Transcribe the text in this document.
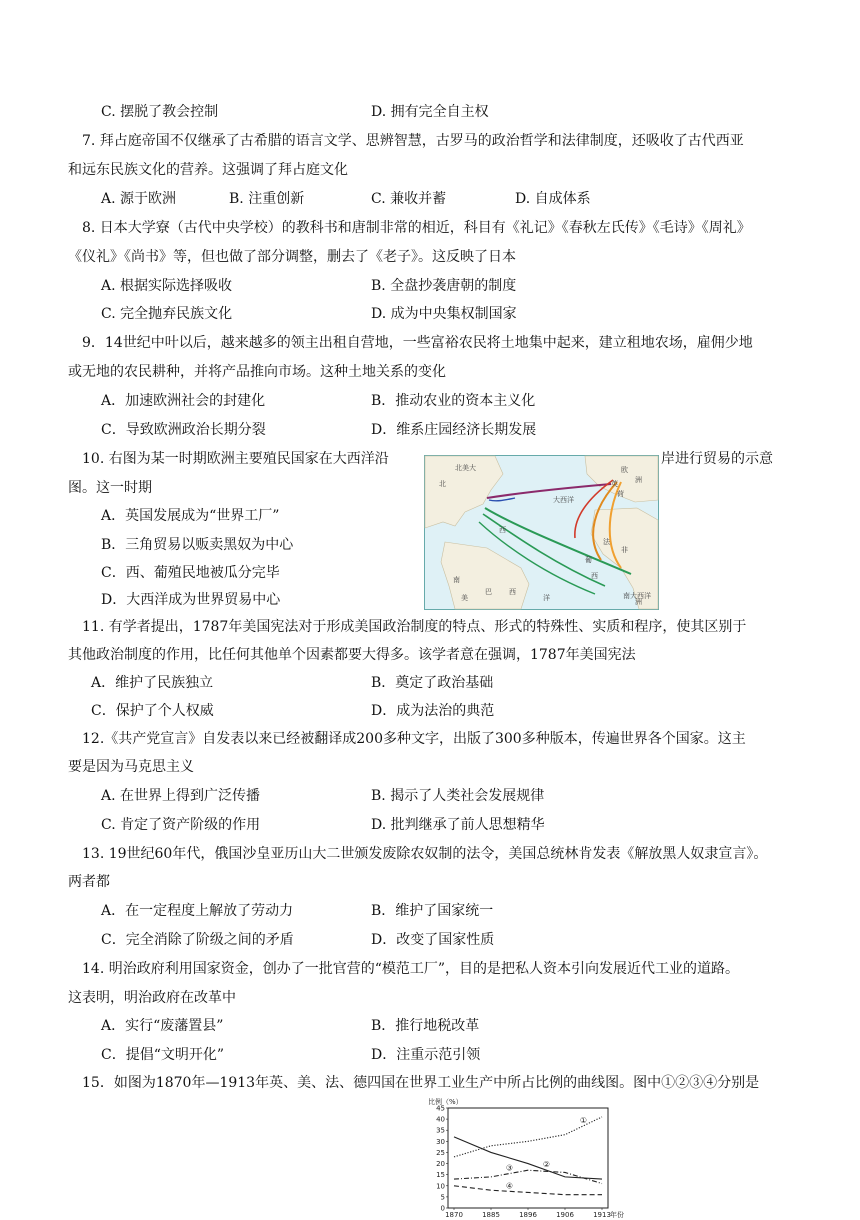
C. 摆脱了教会控制	D. 拥有完全自主权
7. 拜占庭帝国不仅继承了古希腊的语言文学、思辨智慧，古罗马的政治哲学和法律制度，还吸收了古代西亚
和远东民族文化的营养。这强调了拜占庭文化
A. 源于欧洲	B. 注重创新	C. 兼收并蓄	D. 自成体系
8. 日本大学寮（古代中央学校）的教科书和唐制非常的相近，科目有《礼记》《春秋左氏传》《毛诗》《周礼》
《仪礼》《尚书》等，但也做了部分调整，删去了《老子》。这反映了日本
A. 根据实际选择吸收	B. 全盘抄袭唐朝的制度
C. 完全抛弃民族文化	D. 成为中央集权制国家
9．14世纪中叶以后，越来越多的领主出租自营地，一些富裕农民将土地集中起来，建立租地农场，雇佣少地
或无地的农民耕种，并将产品推向市场。这种土地关系的变化
A．加速欧洲社会的封建化	B．推动农业的资本主义化
C．导致欧洲政治长期分裂	D．维系庄园经济长期发展
10. 右图为某一时期欧洲主要殖民国家在大西洋沿	岸进行贸易的示意
图。这一时期
A．英国发展成为“世界工厂”
B．三角贸易以贩卖黑奴为中心
C．西、葡殖民地被瓜分完毕
D．大西洋成为世界贸易中心
11. 有学者提出，1787年美国宪法对于形成美国政治制度的特点、形式的特殊性、实质和程序，使其区别于
其他政治制度的作用，比任何其他单个因素都要大得多。该学者意在强调，1787年美国宪法
A．维护了民族独立	B．奠定了政治基础
C．保护了个人权威	D．成为法治的典范
12.《共产党宣言》自发表以来已经被翻译成200多种文字，出版了300多种版本，传遍世界各个国家。这主
要是因为马克思主义
A. 在世界上得到广泛传播	B. 揭示了人类社会发展规律
C. 肯定了资产阶级的作用	D. 批判继承了前人思想精华
13. 19世纪60年代，俄国沙皇亚历山大二世颁发废除农奴制的法令，美国总统林肯发表《解放黑人奴隶宣言》。
两者都
A．在一定程度上解放了劳动力	B．维护了国家统一
C．完全消除了阶级之间的矛盾	D．改变了国家性质
14. 明治政府利用国家资金，创办了一批官营的“模范工厂”，目的是把私人资本引向发展近代工业的道路。
这表明，明治政府在改革中
A．实行“废藩置县”	B．推行地税改革
C．提倡“文明开化”	D．注重示范引领
15．如图为1870年—1913年英、美、法、德四国在世界工业生产中所占比例的曲线图。图中①②③④分别是
大
西
洋
巴 西
非
洲
南
美
北
欧
洲
大西洋
北美
英
荷
葡
西
法
南大西洋
0
5
10
15
20
25
30
35
40
45
比例（%）
1870	1885	1896	1906	1913 年份
①
②
③
④
